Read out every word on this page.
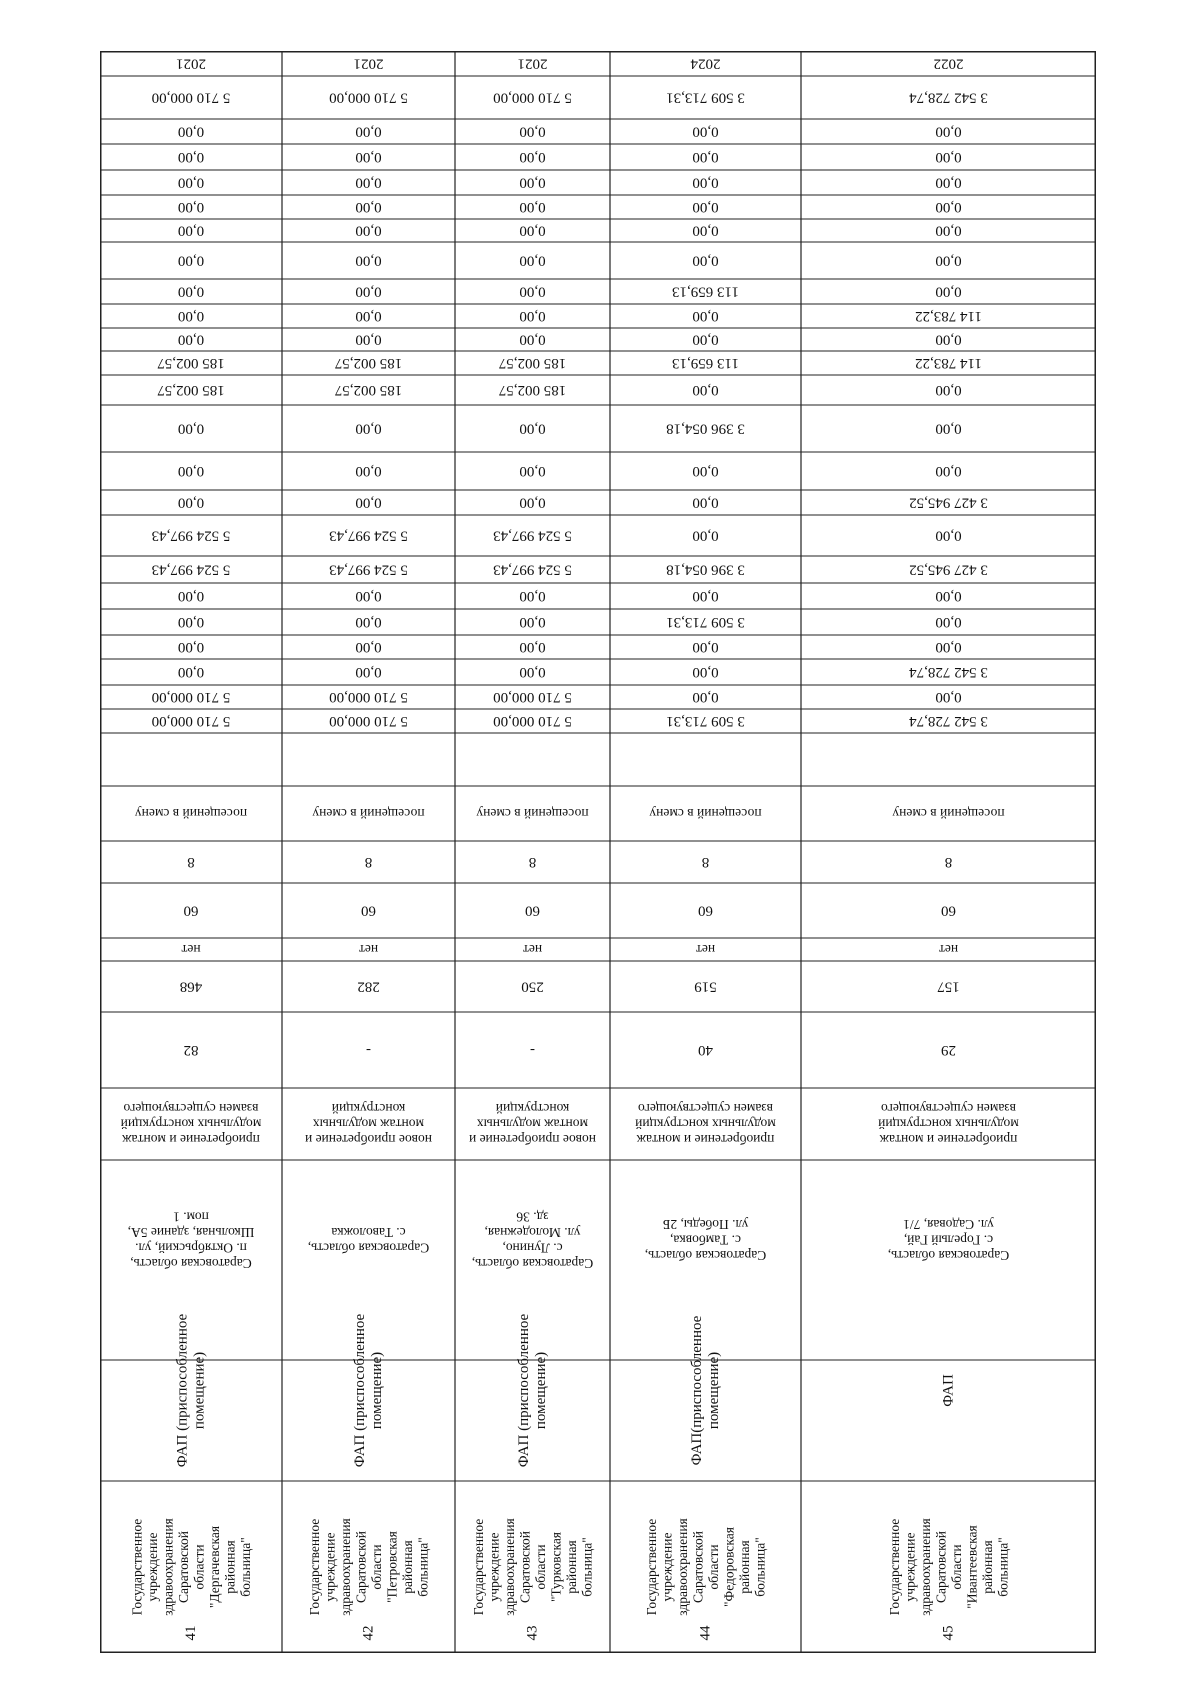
2021
5 710 000,00
0,00
0,00
0,00
0,00
0,00
0,00
0,00
0,00
0,00
185 002,57
185 002,57
0,00
0,00
0,00
5 524 997,43
5 524 997,43
0,00
0,00
0,00
0,00
5 710 000,00
5 710 000,00
посещений в смену
8
60
нет
468
82
приобретение и монтаж
модульных конструкций
взамен существующего
Саратовская область,
п. Октябрьский, ул.
Школьная, здание 5А,
пом. 1
ФАП (приспособленное помещение)
Государственное учреждение здравоохранения Саратовской области "Дергачевская районная больница"
41
2021
5 710 000,00
0,00
0,00
0,00
0,00
0,00
0,00
0,00
0,00
0,00
185 002,57
185 002,57
0,00
0,00
0,00
5 524 997,43
5 524 997,43
0,00
0,00
0,00
0,00
5 710 000,00
5 710 000,00
посещений в смену
8
60
нет
282
-
новое приобретение и
монтаж модульных
конструкций
Саратовская область,
с. Таволожка
ФАП (приспособленное помещение)
Государственное учреждение здравоохранения Саратовской области "Петровская районная больница"
42
2021
5 710 000,00
0,00
0,00
0,00
0,00
0,00
0,00
0,00
0,00
0,00
185 002,57
185 002,57
0,00
0,00
0,00
5 524 997,43
5 524 997,43
0,00
0,00
0,00
0,00
5 710 000,00
5 710 000,00
посещений в смену
8
60
нет
250
-
новое приобретение и
монтаж модульных
конструкций
Саратовская область,
с. Лунино,
ул. Молодежная,
зд. 36
ФАП (приспособленное помещение)
Государственное учреждение здравоохранения Саратовской области "Турковская районная больница"
43
2024
3 509 713,31
0,00
0,00
0,00
0,00
0,00
0,00
113 659,13
0,00
0,00
113 659,13
0,00
3 396 054,18
0,00
0,00
0,00
3 396 054,18
0,00
3 509 713,31
0,00
0,00
0,00
3 509 713,31
посещений в смену
8
60
нет
519
40
приобретение и монтаж
модульных конструкций
взамен существующего
Саратовская область,
с. Тамбовка,
ул. Победы, 2Б
ФАП(приспособленное помещение)
Государственное учреждение здравоохранения Саратовской области "Федоровская районная больница"
44
2022
3 542 728,74
0,00
0,00
0,00
0,00
0,00
0,00
0,00
114 783,22
0,00
114 783,22
0,00
0,00
0,00
3 427 945,52
0,00
3 427 945,52
0,00
0,00
0,00
3 542 728,74
0,00
3 542 728,74
посещений в смену
8
60
нет
157
29
приобретение и монтаж
модульных конструкций
взамен существующего
Саратовская область,
с. Горелый Гай,
ул. Садовая, 7/1
ФАП
Государственное учреждение здравоохранения Саратовской области "Ивантеевская районная больница"
45
